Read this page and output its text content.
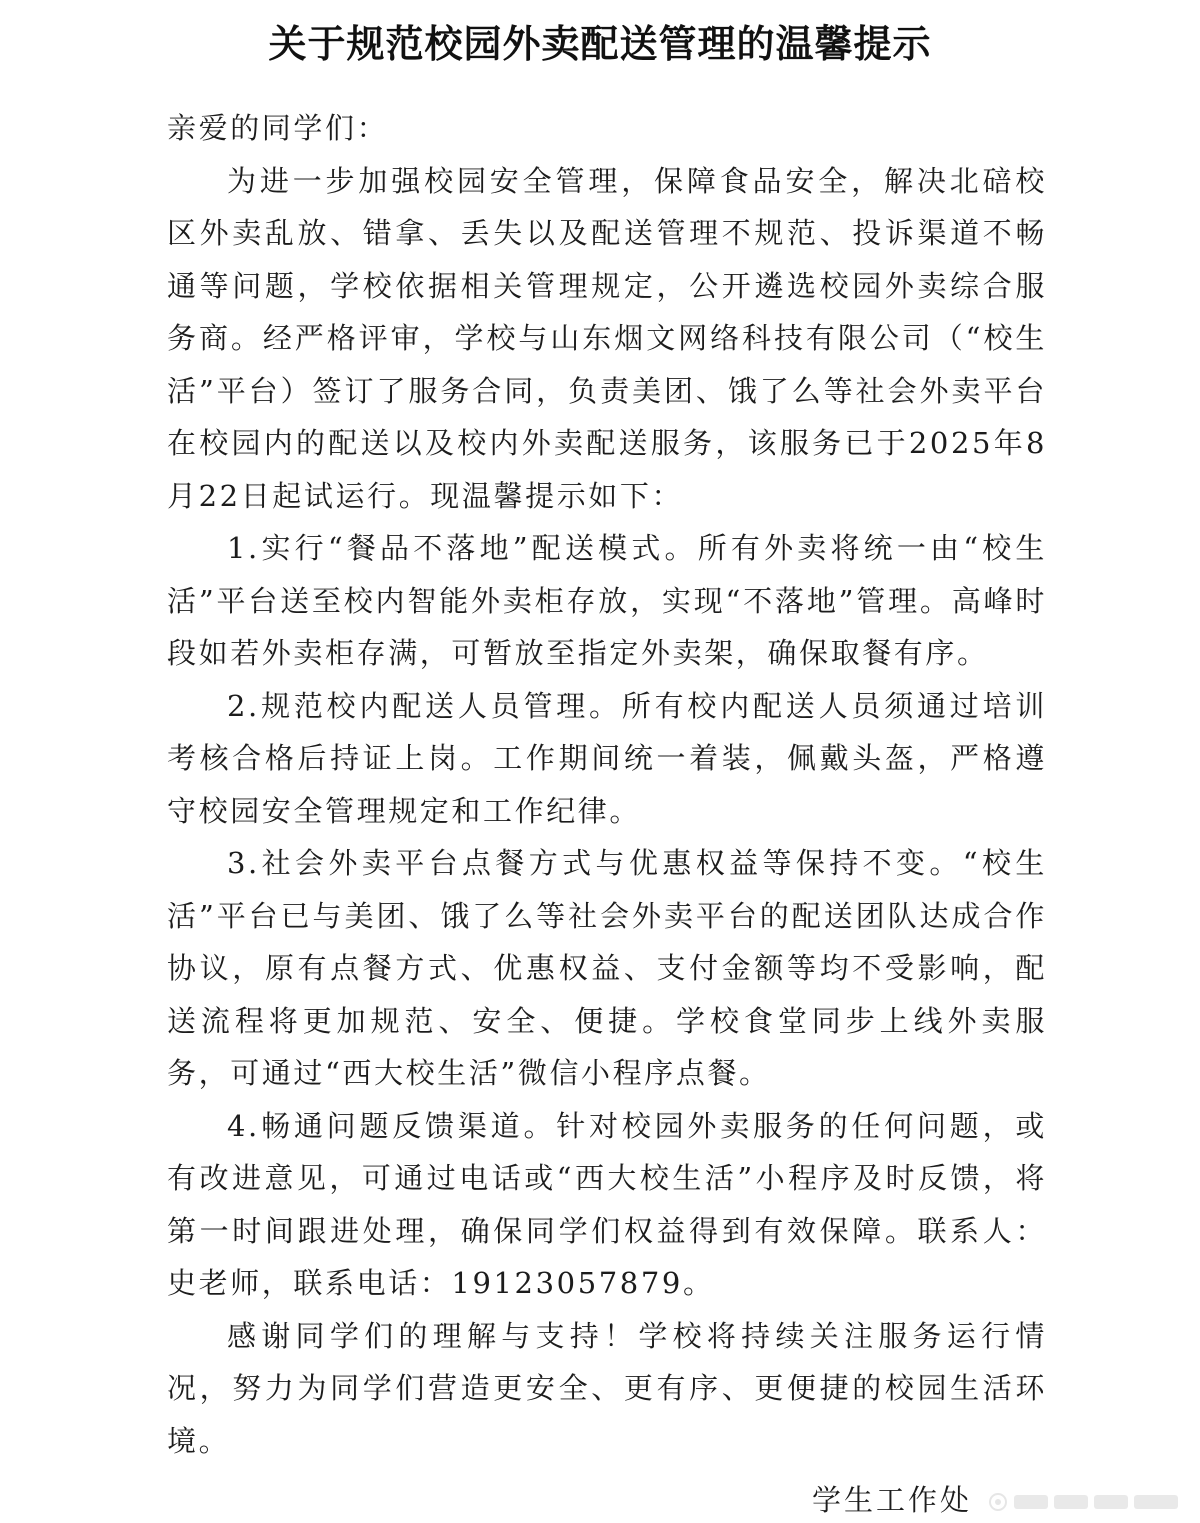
关于规范校园外卖配送管理的温馨提示

亲爱的同学们：

为进一步加强校园安全管理，保障食品安全，解决北碚校区外卖乱放、错拿、丢失以及配送管理不规范、投诉渠道不畅通等问题，学校依据相关管理规定，公开遴选校园外卖综合服务商。经严格评审，学校与山东烟文网络科技有限公司（“校生活”平台）签订了服务合同，负责美团、饿了么等社会外卖平台在校园内的配送以及校内外卖配送服务，该服务已于2025年8月22日起试运行。现温馨提示如下：

1.实行“餐品不落地”配送模式。所有外卖将统一由“校生活”平台送至校内智能外卖柜存放，实现“不落地”管理。高峰时段如若外卖柜存满，可暂放至指定外卖架，确保取餐有序。

2.规范校内配送人员管理。所有校内配送人员须通过培训考核合格后持证上岗。工作期间统一着装，佩戴头盔，严格遵守校园安全管理规定和工作纪律。

3.社会外卖平台点餐方式与优惠权益等保持不变。“校生活”平台已与美团、饿了么等社会外卖平台的配送团队达成合作协议，原有点餐方式、优惠权益、支付金额等均不受影响，配送流程将更加规范、安全、便捷。学校食堂同步上线外卖服务，可通过“西大校生活”微信小程序点餐。

4.畅通问题反馈渠道。针对校园外卖服务的任何问题，或有改进意见，可通过电话或“西大校生活”小程序及时反馈，将第一时间跟进处理，确保同学们权益得到有效保障。联系人：史老师，联系电话：19123057879。

感谢同学们的理解与支持！学校将持续关注服务运行情况，努力为同学们营造更安全、更有序、更便捷的校园生活环境。

学生工作处
